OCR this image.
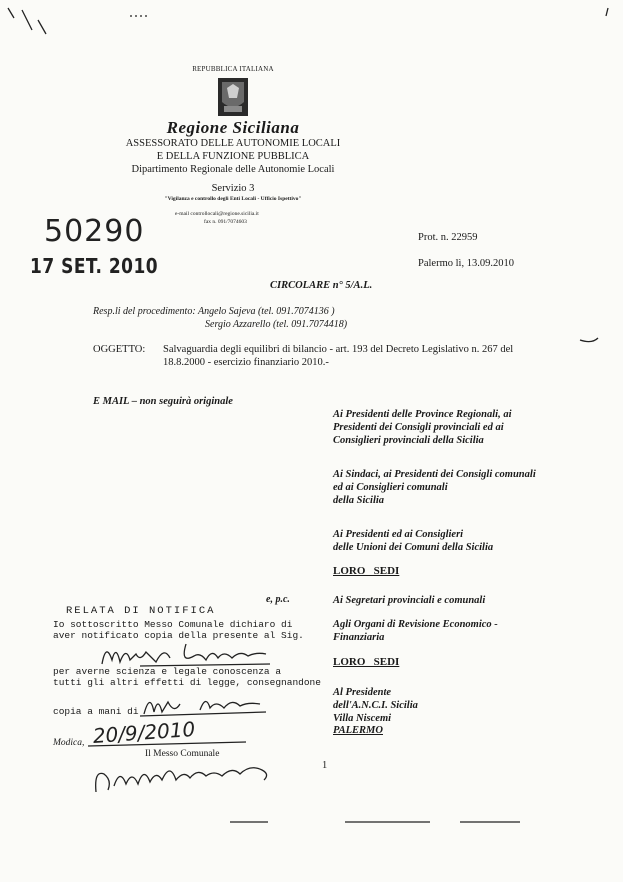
REPUBBLICA ITALIANA
Regione Siciliana
ASSESSORATO DELLE AUTONOMIE LOCALI
E DELLA FUNZIONE PUBBLICA
Dipartimento Regionale delle Autonomie Locali
Servizio 3
"Vigilanza e controllo degli Enti Locali - Ufficio Ispettivo"
e-mail controllocali@regione.sicilia.it
fax n. 091/7074603
50290
17 SET. 2010
Prot. n. 22959
Palermo lì, 13.09.2010
CIRCOLARE n° 5/A.L.
Resp.li del procedimento: Angelo Sajeva (tel. 091.7074136 )
Sergio Azzarello (tel. 091.7074418)
OGGETTO: Salvaguardia degli equilibri di bilancio - art. 193 del Decreto Legislativo n. 267 del
18.8.2000 - esercizio finanziario 2010.-
E MAIL – non seguirà originale
Ai Presidenti delle Province Regionali, ai
Presidenti dei Consigli provinciali ed ai
Consiglieri provinciali della Sicilia
Ai Sindaci, ai Presidenti dei Consigli comunali
ed ai Consiglieri comunali
della Sicilia
Ai Presidenti ed ai Consiglieri
delle Unioni dei Comuni della Sicilia
LORO   SEDI
e, p.c.	Ai Segretari provinciali e comunali
Agli Organi di Revisione Economico -
Finanziaria
LORO   SEDI
Al Presidente
dell'A.N.C.I. Sicilia
Villa Niscemi
PALERMO
RELATA DI NOTIFICA
Io sottoscritto Messo Comunale dichiaro di
aver notificato copia della presente al Sig.
per averne scienza e legale conoscenza a
tutti gli altri effetti di legge, consegnandone
copia a mani di
Modica, 20/9/2010
Il Messo Comunale
1
